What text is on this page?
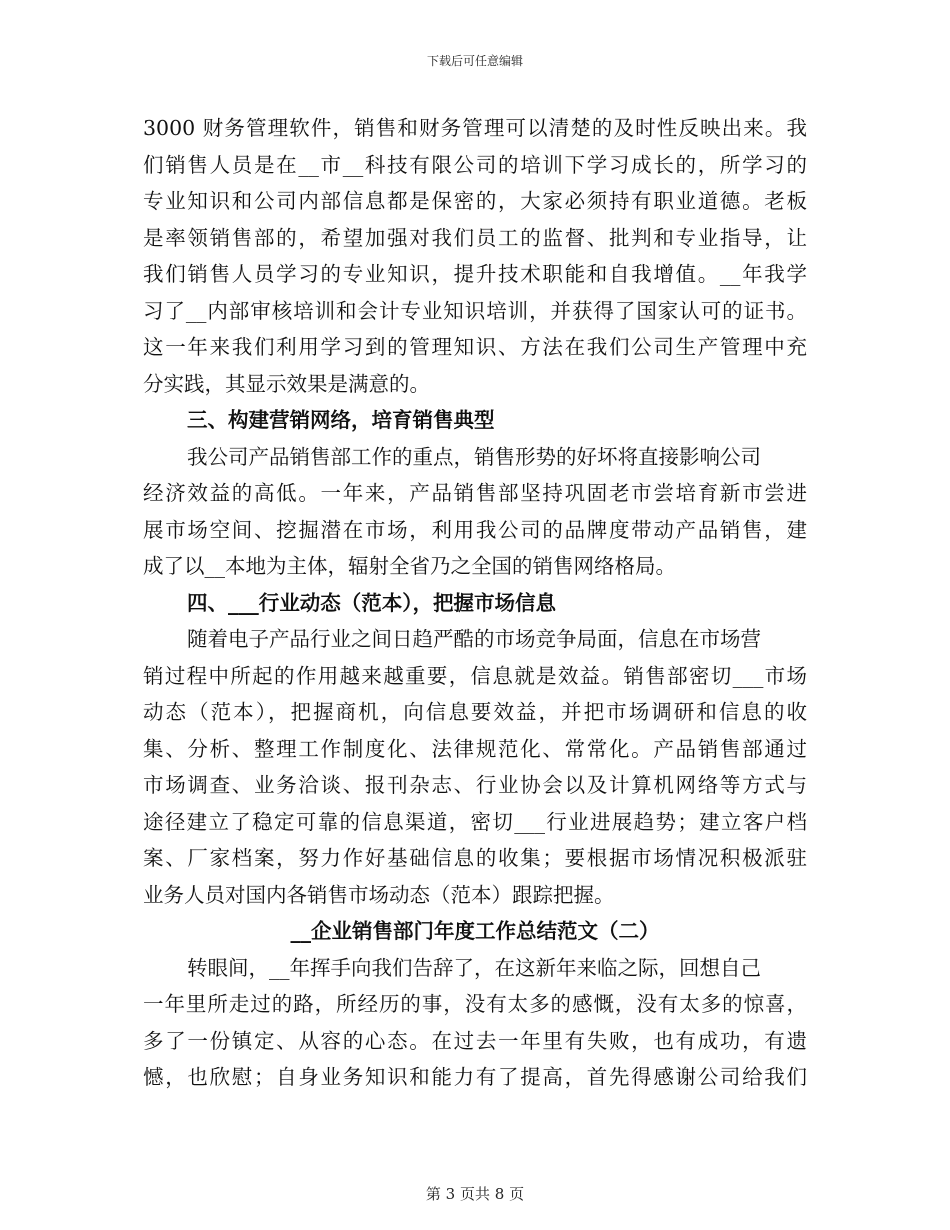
下载后可任意编辑
3000 财务管理软件，销售和财务管理可以清楚的及时性反映出来。我
们销售人员是在__市__科技有限公司的培训下学习成长的，所学习的
专业知识和公司内部信息都是保密的，大家必须持有职业道德。老板
是率领销售部的，希望加强对我们员工的监督、批判和专业指导，让
我们销售人员学习的专业知识，提升技术职能和自我增值。__年我学
习了__内部审核培训和会计专业知识培训，并获得了国家认可的证书。
这一年来我们利用学习到的管理知识、方法在我们公司生产管理中充
分实践，其显示效果是满意的。
三、构建营销网络，培育销售典型
我公司产品销售部工作的重点，销售形势的好坏将直接影响公司
经济效益的高低。一年来，产品销售部坚持巩固老市尝培育新市尝进
展市场空间、挖掘潜在市场，利用我公司的品牌度带动产品销售，建
成了以__本地为主体，辐射全省乃之全国的销售网络格局。
四、___行业动态（范本），把握市场信息
随着电子产品行业之间日趋严酷的市场竞争局面，信息在市场营
销过程中所起的作用越来越重要，信息就是效益。销售部密切___市场
动态（范本），把握商机，向信息要效益，并把市场调研和信息的收
集、分析、整理工作制度化、法律规范化、常常化。产品销售部通过
市场调查、业务洽谈、报刊杂志、行业协会以及计算机网络等方式与
途径建立了稳定可靠的信息渠道，密切___行业进展趋势；建立客户档
案、厂家档案，努力作好基础信息的收集；要根据市场情况积极派驻
业务人员对国内各销售市场动态（范本）跟踪把握。
__企业销售部门年度工作总结范文（二）
转眼间，__年挥手向我们告辞了，在这新年来临之际，回想自己
一年里所走过的路，所经历的事，没有太多的感慨，没有太多的惊喜，
多了一份镇定、从容的心态。在过去一年里有失败，也有成功，有遗
憾，也欣慰；自身业务知识和能力有了提高，首先得感谢公司给我们
第 3 页共 8 页
